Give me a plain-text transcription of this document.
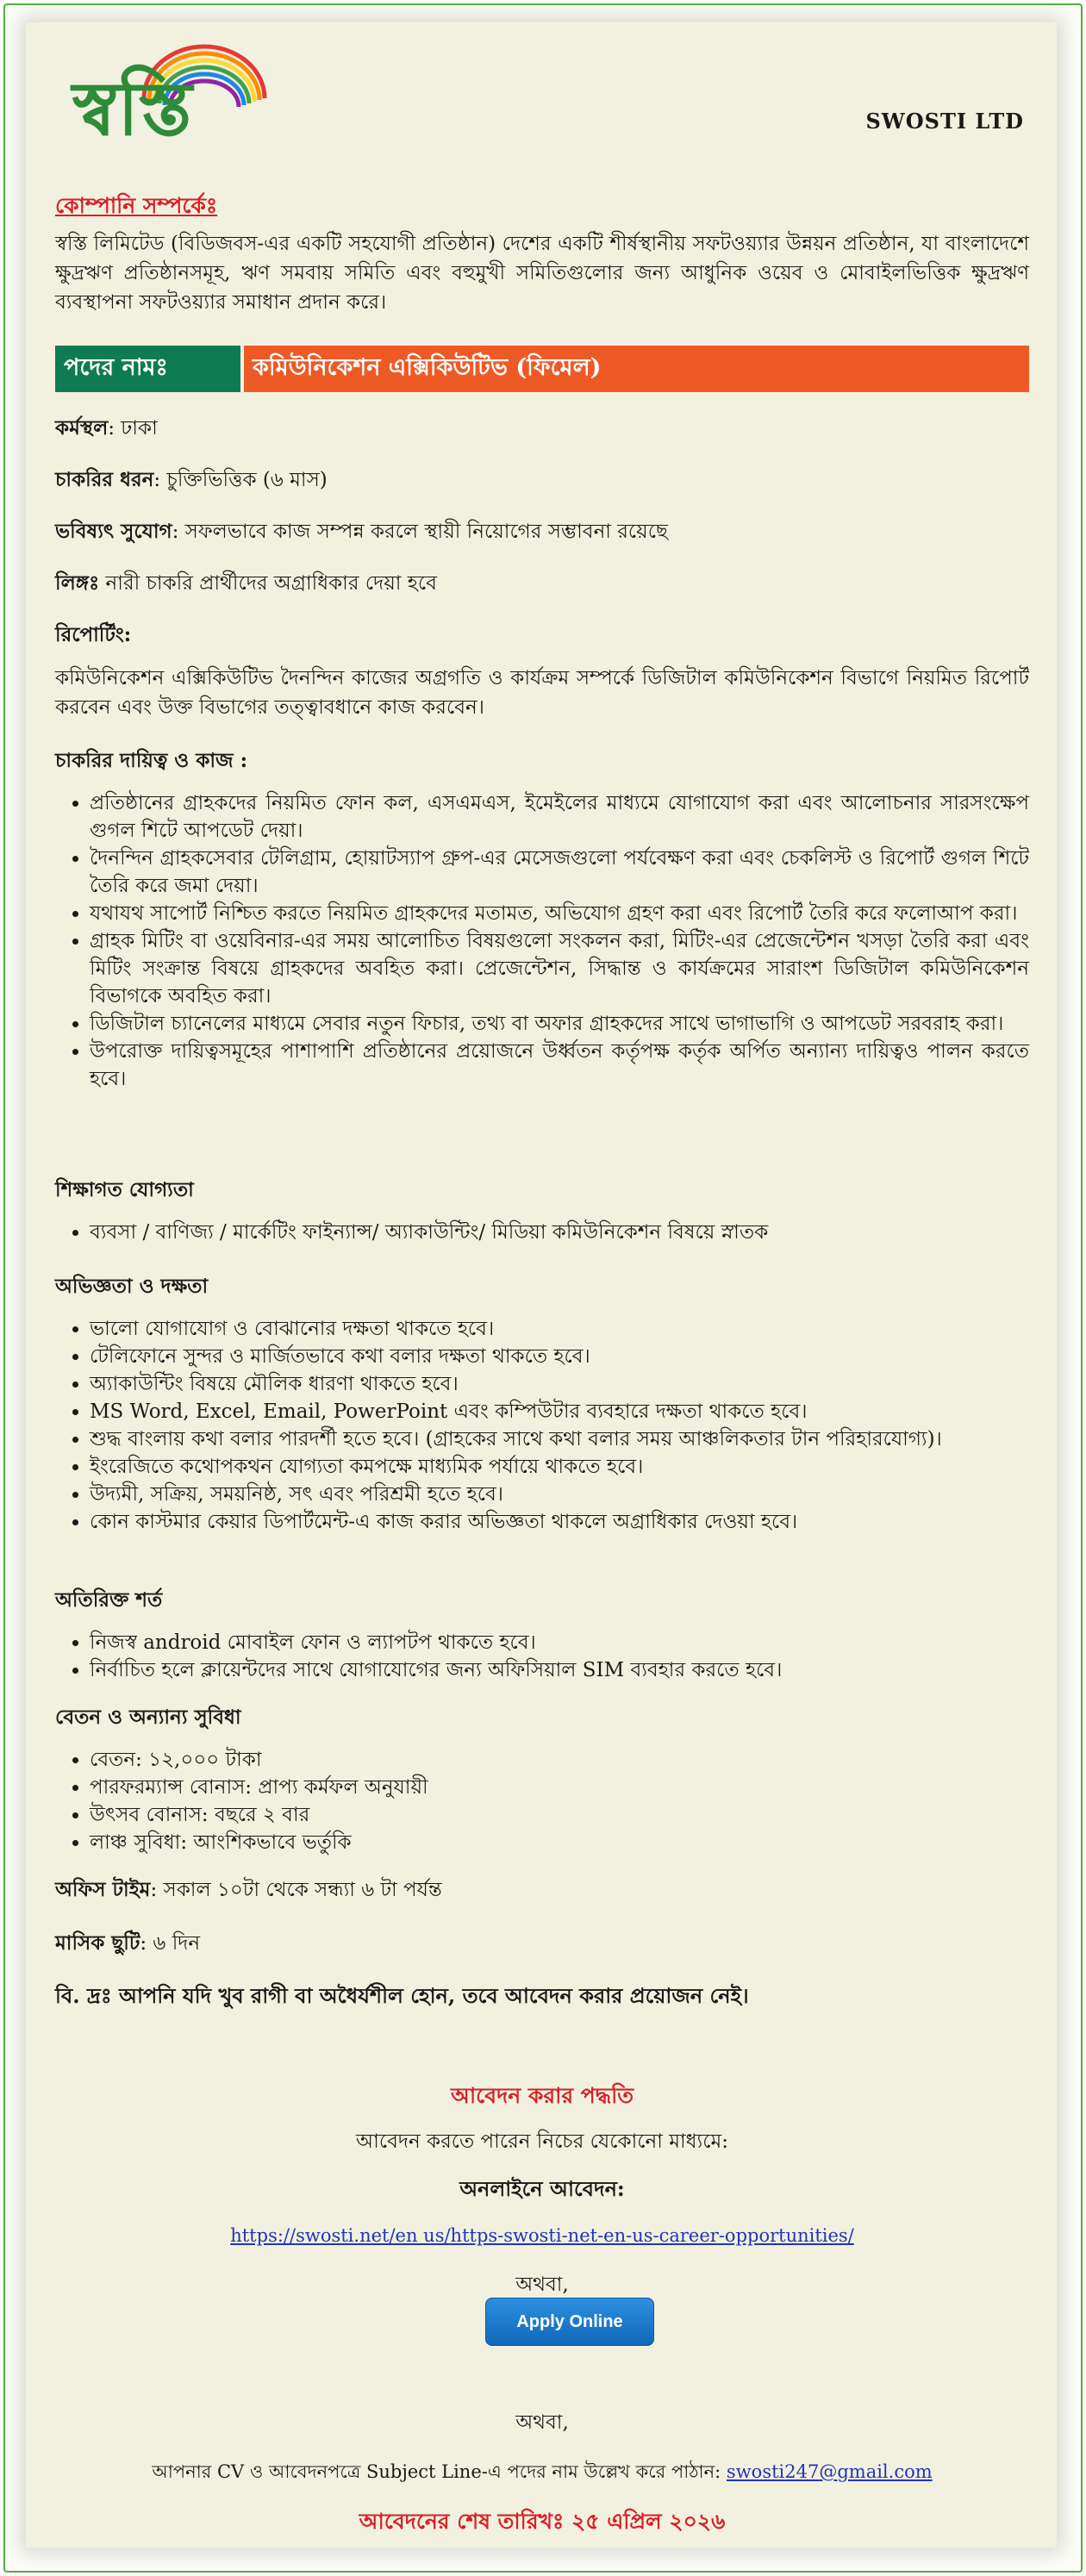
স্বস্তি	SWOSTI LTD
কোম্পানি সম্পর্কেঃ

স্বস্তি লিমিটেড (বিডিজবস-এর একটি সহযোগী প্রতিষ্ঠান) দেশের একটি শীর্ষস্থানীয় সফটওয়্যার উন্নয়ন প্রতিষ্ঠান, যা বাংলাদেশে ক্ষুদ্রঋণ প্রতিষ্ঠানসমূহ, ঋণ সমবায় সমিতি এবং বহুমুখী সমিতিগুলোর জন্য আধুনিক ওয়েব ও মোবাইলভিত্তিক ক্ষুদ্রঋণ ব্যবস্থাপনা সফটওয়্যার সমাধান প্রদান করে।

পদের নামঃ	কমিউনিকেশন এক্সিকিউটিভ (ফিমেল)
কর্মস্থল: ঢাকা
চাকরির ধরন: চুক্তিভিত্তিক (৬ মাস)
ভবিষ্যৎ সুযোগ: সফলভাবে কাজ সম্পন্ন করলে স্থায়ী নিয়োগের সম্ভাবনা রয়েছে
লিঙ্গঃ নারী চাকরি প্রার্থীদের অগ্রাধিকার দেয়া হবে
রিপোর্টিং:

কমিউনিকেশন এক্সিকিউটিভ দৈনন্দিন কাজের অগ্রগতি ও কার্যক্রম সম্পর্কে ডিজিটাল কমিউনিকেশন বিভাগে নিয়মিত রিপোর্ট করবেন এবং উক্ত বিভাগের তত্ত্বাবধানে কাজ করবেন।

চাকরির দায়িত্ব ও কাজ :
• প্রতিষ্ঠানের গ্রাহকদের নিয়মিত ফোন কল, এসএমএস, ইমেইলের মাধ্যমে যোগাযোগ করা এবং আলোচনার সারসংক্ষেপ গুগল শিটে আপডেট দেয়া।
• দৈনন্দিন গ্রাহকসেবার টেলিগ্রাম, হোয়াটস্যাপ গ্রুপ-এর মেসেজগুলো পর্যবেক্ষণ করা এবং চেকলিস্ট ও রিপোর্ট গুগল শিটে তৈরি করে জমা দেয়া।
• যথাযথ সাপোর্ট নিশ্চিত করতে নিয়মিত গ্রাহকদের মতামত, অভিযোগ গ্রহণ করা এবং রিপোর্ট তৈরি করে ফলোআপ করা।
• গ্রাহক মিটিং বা ওয়েবিনার-এর সময় আলোচিত বিষয়গুলো সংকলন করা, মিটিং-এর প্রেজেন্টেশন খসড়া তৈরি করা এবং মিটিং সংক্রান্ত বিষয়ে গ্রাহকদের অবহিত করা। প্রেজেন্টেশন, সিদ্ধান্ত ও কার্যক্রমের সারাংশ ডিজিটাল কমিউনিকেশন বিভাগকে অবহিত করা।
• ডিজিটাল চ্যানেলের মাধ্যমে সেবার নতুন ফিচার, তথ্য বা অফার গ্রাহকদের সাথে ভাগাভাগি ও আপডেট সরবরাহ করা।
• উপরোক্ত দায়িত্বসমূহের পাশাপাশি প্রতিষ্ঠানের প্রয়োজনে উর্ধ্বতন কর্তৃপক্ষ কর্তৃক অর্পিত অন্যান্য দায়িত্বও পালন করতে হবে।
শিক্ষাগত যোগ্যতা
• ব্যবসা / বাণিজ্য / মার্কেটিং ফাইন্যান্স/ অ্যাকাউন্টিং/ মিডিয়া কমিউনিকেশন বিষয়ে স্নাতক
অভিজ্ঞতা ও দক্ষতা
• ভালো যোগাযোগ ও বোঝানোর দক্ষতা থাকতে হবে।
• টেলিফোনে সুন্দর ও মার্জিতভাবে কথা বলার দক্ষতা থাকতে হবে।
• অ্যাকাউন্টিং বিষয়ে মৌলিক ধারণা থাকতে হবে।
• MS Word, Excel, Email, PowerPoint এবং কম্পিউটার ব্যবহারে দক্ষতা থাকতে হবে।
• শুদ্ধ বাংলায় কথা বলার পারদর্শী হতে হবে। (গ্রাহকের সাথে কথা বলার সময় আঞ্চলিকতার টান পরিহারযোগ্য)।
• ইংরেজিতে কথোপকথন যোগ্যতা কমপক্ষে মাধ্যমিক পর্যায়ে থাকতে হবে।
• উদ্যমী, সক্রিয়, সময়নিষ্ঠ, সৎ এবং পরিশ্রমী হতে হবে।
• কোন কাস্টমার কেয়ার ডিপার্টমেন্ট-এ কাজ করার অভিজ্ঞতা থাকলে অগ্রাধিকার দেওয়া হবে।
অতিরিক্ত শর্ত
• নিজস্ব android মোবাইল ফোন ও ল্যাপটপ থাকতে হবে।
• নির্বাচিত হলে ক্লায়েন্টদের সাথে যোগাযোগের জন্য অফিসিয়াল SIM ব্যবহার করতে হবে।
বেতন ও অন্যান্য সুবিধা
• বেতন: ১২,০০০ টাকা
• পারফরম্যান্স বোনাস: প্রাপ্য কর্মফল অনুযায়ী
• উৎসব বোনাস: বছরে ২ বার
• লাঞ্চ সুবিধা: আংশিকভাবে ভর্তুকি
অফিস টাইম: সকাল ১০টা থেকে সন্ধ্যা ৬ টা পর্যন্ত
মাসিক ছুটি: ৬ দিন
বি. দ্রঃ আপনি যদি খুব রাগী বা অধৈর্যশীল হোন, তবে আবেদন করার প্রয়োজন নেই।
আবেদন করার পদ্ধতি
আবেদন করতে পারেন নিচের যেকোনো মাধ্যমে:
অনলাইনে আবেদন:
https://swosti.net/en us/https-swosti-net-en-us-career-opportunities/
অথবা,
Apply Online
অথবা,
আপনার CV ও আবেদনপত্রে Subject Line-এ পদের নাম উল্লেখ করে পাঠান: swosti247@gmail.com
আবেদনের শেষ তারিখঃ ২৫ এপ্রিল ২০২৬
